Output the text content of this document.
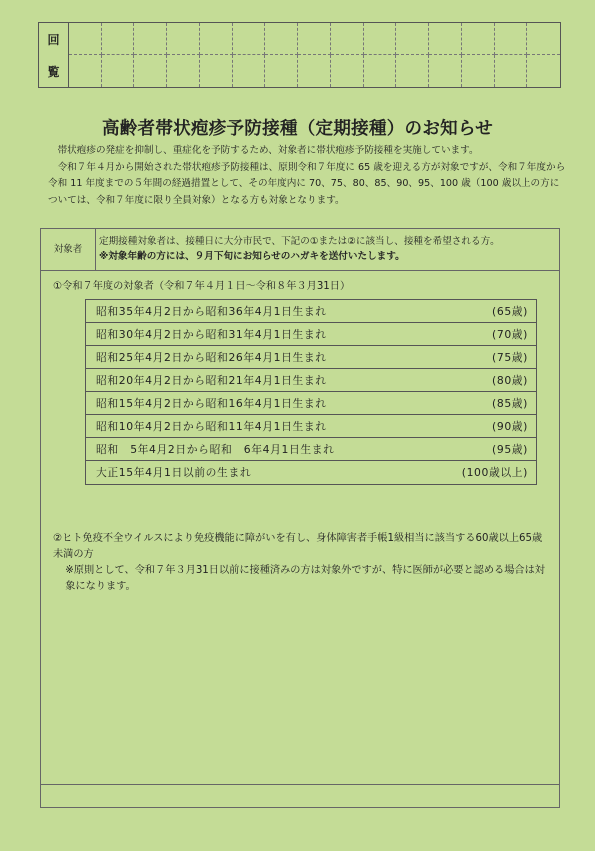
回
覧
高齢者帯状疱疹予防接種（定期接種）のお知らせ

帯状疱疹の発症を抑制し、重症化を予防するため、対象者に帯状疱疹予防接種を実施しています。

令和７年４月から開始された帯状疱疹予防接種は、原則令和７年度に 65 歳を迎える方が対象ですが、令和７年度から令和 11 年度までの５年間の経過措置として、その年度内に 70、75、80、85、90、95、100 歳（100 歳以上の方については、令和７年度に限り全員対象）となる方も対象となります。

対象者
定期接種対象者は、接種日に大分市民で、下記の①または②に該当し、接種を希望される方。
※対象年齢の方には、９月下旬にお知らせのハガキを送付いたします。
①令和７年度の対象者（令和７年４月１日～令和８年３月31日）
昭和35年4月2日から昭和36年4月1日生まれ	(65歳)
昭和30年4月2日から昭和31年4月1日生まれ	(70歳)
昭和25年4月2日から昭和26年4月1日生まれ	(75歳)
昭和20年4月2日から昭和21年4月1日生まれ	(80歳)
昭和15年4月2日から昭和16年4月1日生まれ	(85歳)
昭和10年4月2日から昭和11年4月1日生まれ	(90歳)
昭和　5年4月2日から昭和　6年4月1日生まれ	(95歳)
大正15年4月1日以前の生まれ	(100歳以上)
②ヒト免疫不全ウイルスにより免疫機能に障がいを有し、身体障害者手帳1級相当に該当する60歳以上65歳未満の方
※原則として、令和７年３月31日以前に接種済みの方は対象外ですが、特に医師が必要と認める場合は対象になります。
